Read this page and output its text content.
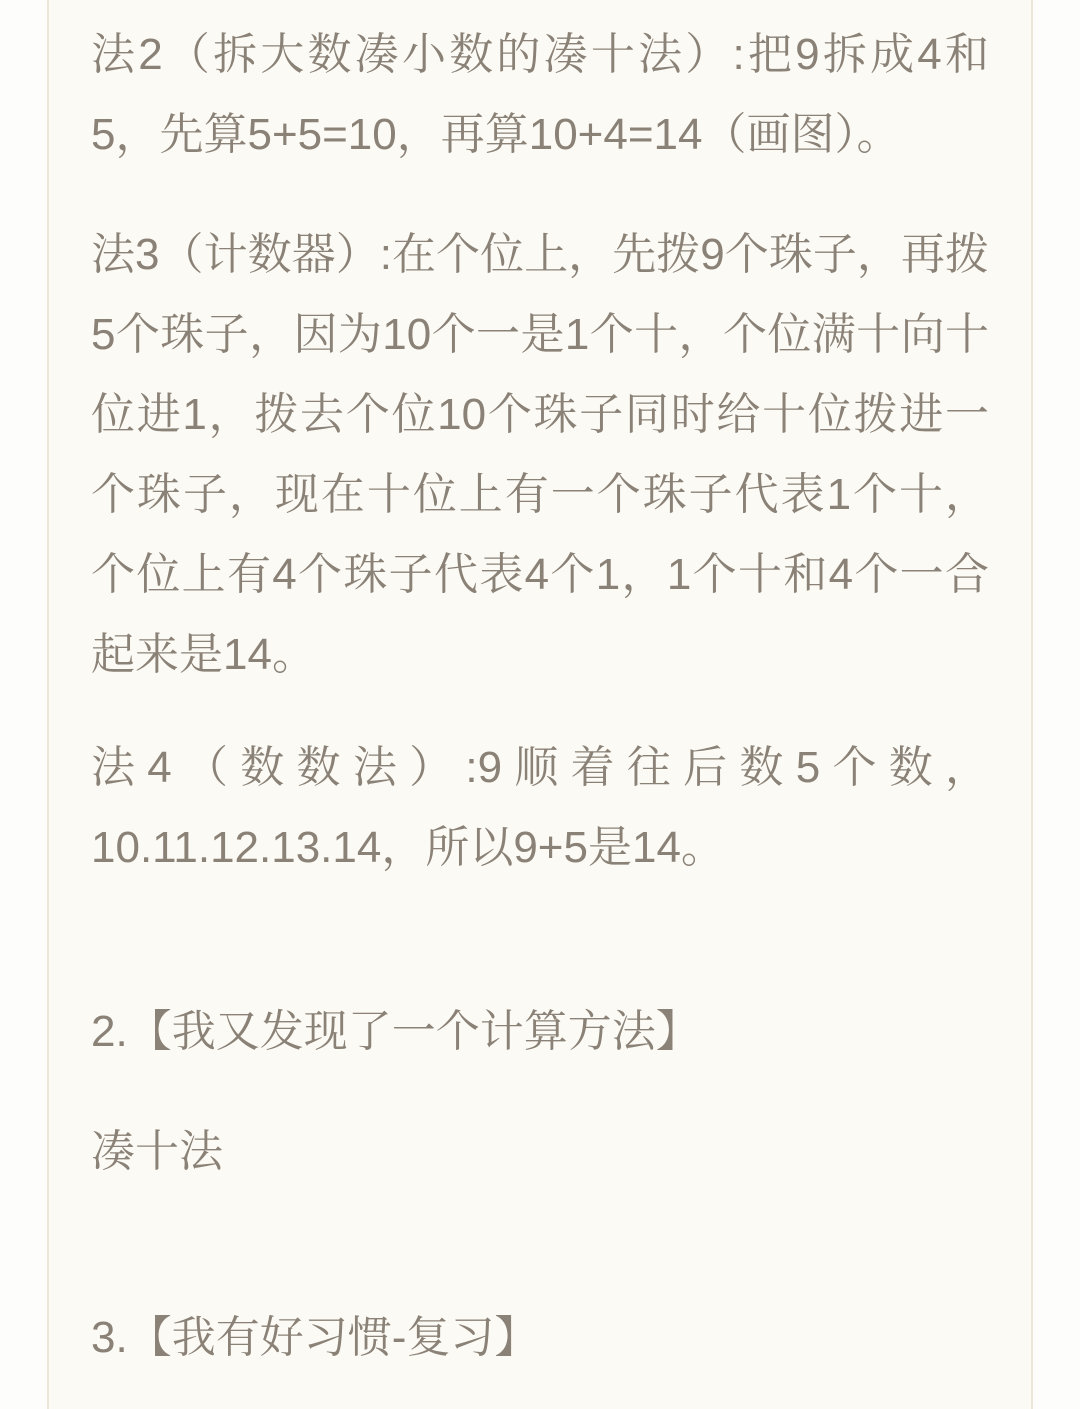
法2（拆大数凑小数的凑十法）:把9拆成4和
5，先算5+5=10，再算10+4=14（画图）。
法3（计数器）:在个位上，先拨9个珠子，再拨
5个珠子，因为10个一是1个十，个位满十向十
位进1，拨去个位10个珠子同时给十位拨进一
个珠子，现在十位上有一个珠子代表1个十，
个位上有4个珠子代表4个1，1个十和4个一合
起来是14。
法4（数数法）:9顺着往后数5个数，
10.11.12.13.14，所以9+5是14。
2.【我又发现了一个计算方法】
凑十法
3.【我有好习惯-复习】
